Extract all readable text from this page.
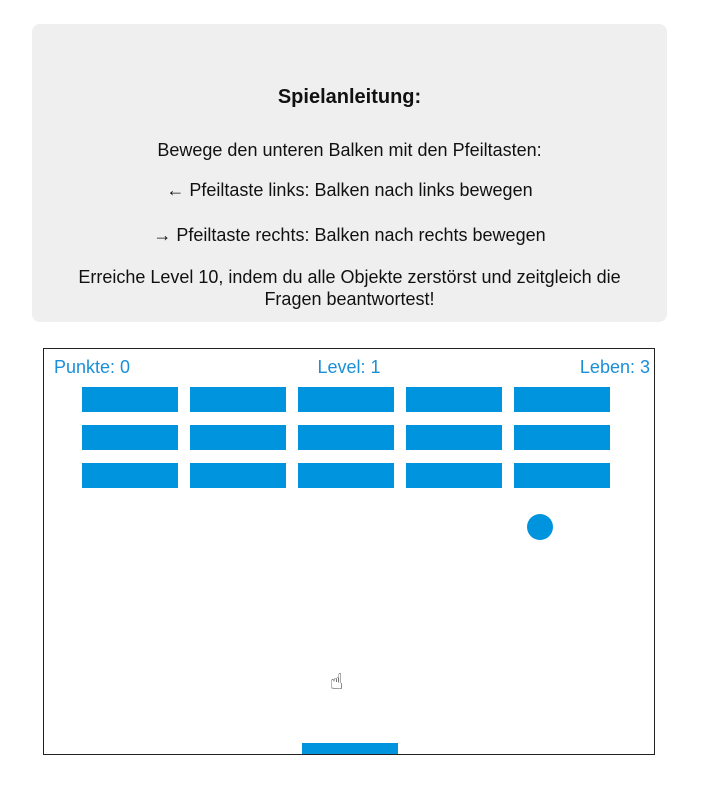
Spielanleitung:

Bewege den unteren Balken mit den Pfeiltasten:

← Pfeiltaste links: Balken nach links bewegen

→ Pfeiltaste rechts: Balken nach rechts bewegen

Erreiche Level 10, indem du alle Objekte zerstörst und zeitgleich die Fragen beantwortest!

Punkte: 0	Level: 1	Leben: 3
☝
